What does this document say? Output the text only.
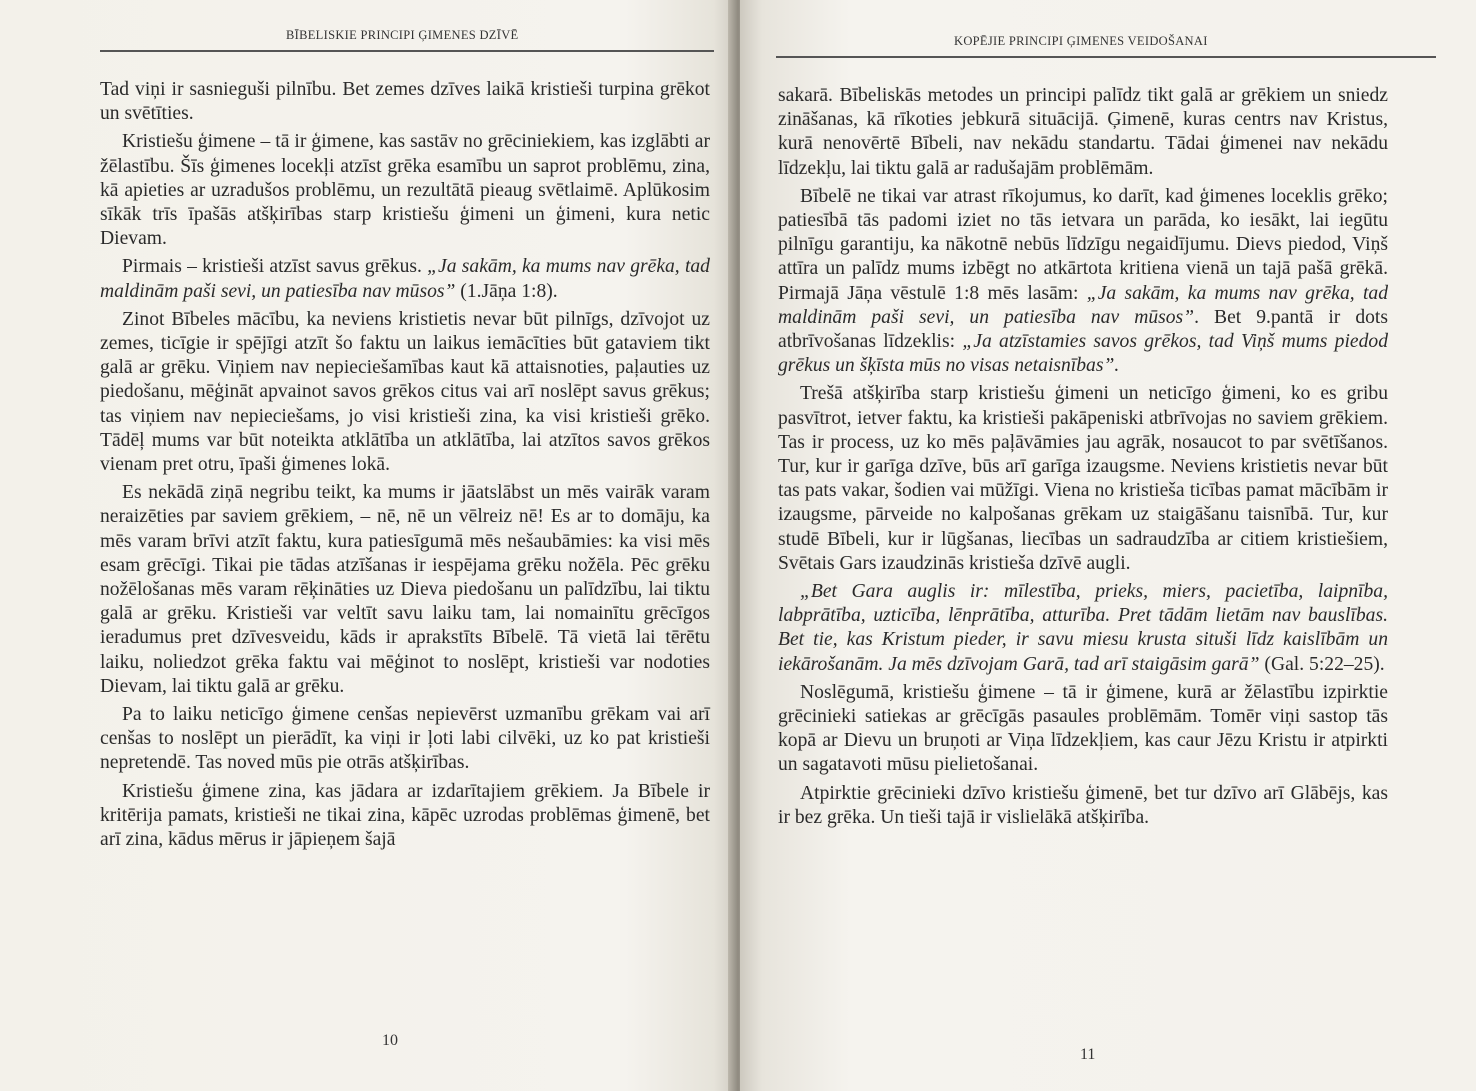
BĪBELISKIE PRINCIPI ĢIMENES DZĪVĒ

Tad viņi ir sasnieguši pilnību. Bet zemes dzīves laikā kristieši turpina grēkot un svētīties.

Kristiešu ģimene – tā ir ģimene, kas sastāv no grēciniekiem, kas izglābti ar žēlastību. Šīs ģimenes locekļi atzīst grēka esamību un saprot problēmu, zina, kā apieties ar uzradušos problēmu, un rezultātā pieaug svētlaimē. Aplūkosim sīkāk trīs īpašās atšķirības starp kristiešu ģimeni un ģimeni, kura netic Dievam.

Pirmais – kristieši atzīst savus grēkus. „Ja sakām, ka mums nav grēka, tad maldinām paši sevi, un patiesība nav mūsos” (1.Jāņa 1:8).

Zinot Bībeles mācību, ka neviens kristietis nevar būt pilnīgs, dzīvojot uz zemes, ticīgie ir spējīgi atzīt šo faktu un laikus iemācīties būt gataviem tikt galā ar grēku. Viņiem nav nepieciešamības kaut kā attaisnoties, paļauties uz piedošanu, mēģināt apvainot savos grēkos citus vai arī noslēpt savus grēkus; tas viņiem nav nepieciešams, jo visi kristieši zina, ka visi kristieši grēko. Tādēļ mums var būt noteikta atklātība un atklātība, lai atzītos savos grēkos vienam pret otru, īpaši ģimenes lokā.

Es nekādā ziņā negribu teikt, ka mums ir jāatslābst un mēs vairāk varam neraizēties par saviem grēkiem, – nē, nē un vēlreiz nē! Es ar to domāju, ka mēs varam brīvi atzīt faktu, kura patiesīgumā mēs nešaubāmies: ka visi mēs esam grēcīgi. Tikai pie tādas atzīšanas ir iespējama grēku nožēla. Pēc grēku nožēlošanas mēs varam rēķināties uz Dieva piedošanu un palīdzību, lai tiktu galā ar grēku. Kristieši var veltīt savu laiku tam, lai nomainītu grēcīgos ieradumus pret dzīvesveidu, kāds ir aprakstīts Bībelē. Tā vietā lai tērētu laiku, noliedzot grēka faktu vai mēģinot to noslēpt, kristieši var nodoties Dievam, lai tiktu galā ar grēku.

Pa to laiku neticīgo ģimene cenšas nepievērst uzmanību grēkam vai arī cenšas to noslēpt un pierādīt, ka viņi ir ļoti labi cilvēki, uz ko pat kristieši nepretendē. Tas noved mūs pie otrās atšķirības.

Kristiešu ģimene zina, kas jādara ar izdarītajiem grēkiem. Ja Bībele ir kritērija pamats, kristieši ne tikai zina, kāpēc uzrodas problēmas ģimenē, bet arī zina, kādus mērus ir jāpieņem šajā

10
KOPĒJIE PRINCIPI ĢIMENES VEIDOŠANAI

sakarā. Bībeliskās metodes un principi palīdz tikt galā ar grēkiem un sniedz zināšanas, kā rīkoties jebkurā situācijā. Ģimenē, kuras centrs nav Kristus, kurā nenovērtē Bībeli, nav nekādu standartu. Tādai ģimenei nav nekādu līdzekļu, lai tiktu galā ar radušajām problēmām.

Bībelē ne tikai var atrast rīkojumus, ko darīt, kad ģimenes loceklis grēko; patiesībā tās padomi iziet no tās ietvara un parāda, ko iesākt, lai iegūtu pilnīgu garantiju, ka nākotnē nebūs līdzīgu negaidījumu. Dievs piedod, Viņš attīra un palīdz mums izbēgt no atkārtota kritiena vienā un tajā pašā grēkā. Pirmajā Jāņa vēstulē 1:8 mēs lasām: „Ja sakām, ka mums nav grēka, tad maldinām paši sevi, un patiesība nav mūsos”. Bet 9.pantā ir dots atbrīvošanas līdzeklis: „Ja atzīstamies savos grēkos, tad Viņš mums piedod grēkus un šķīsta mūs no visas netaisnības”.

Trešā atšķirība starp kristiešu ģimeni un neticīgo ģimeni, ko es gribu pasvītrot, ietver faktu, ka kristieši pakāpeniski atbrīvojas no saviem grēkiem. Tas ir process, uz ko mēs paļāvāmies jau agrāk, nosaucot to par svētīšanos. Tur, kur ir garīga dzīve, būs arī garīga izaugsme. Neviens kristietis nevar būt tas pats vakar, šodien vai mūžīgi. Viena no kristieša ticības pamat mācībām ir izaugsme, pārveide no kalpošanas grēkam uz staigāšanu taisnībā. Tur, kur studē Bībeli, kur ir lūgšanas, liecības un sadraudzība ar citiem kristiešiem, Svētais Gars izaudzinās kristieša dzīvē augli.

„Bet Gara auglis ir: mīlestība, prieks, miers, pacietība, laipnība, labprātība, uzticība, lēnprātība, atturība. Pret tādām lietām nav bauslības. Bet tie, kas Kristum pieder, ir savu miesu krusta situši līdz kaislībām un iekārošanām. Ja mēs dzīvojam Garā, tad arī staigāsim garā” (Gal. 5:22–25).

Noslēgumā, kristiešu ģimene – tā ir ģimene, kurā ar žēlastību izpirktie grēcinieki satiekas ar grēcīgās pasaules problēmām. Tomēr viņi sastop tās kopā ar Dievu un bruņoti ar Viņa līdzekļiem, kas caur Jēzu Kristu ir atpirkti un sagatavoti mūsu pielietošanai.

Atpirktie grēcinieki dzīvo kristiešu ģimenē, bet tur dzīvo arī Glābējs, kas ir bez grēka. Un tieši tajā ir vislielākā atšķirība.

11
